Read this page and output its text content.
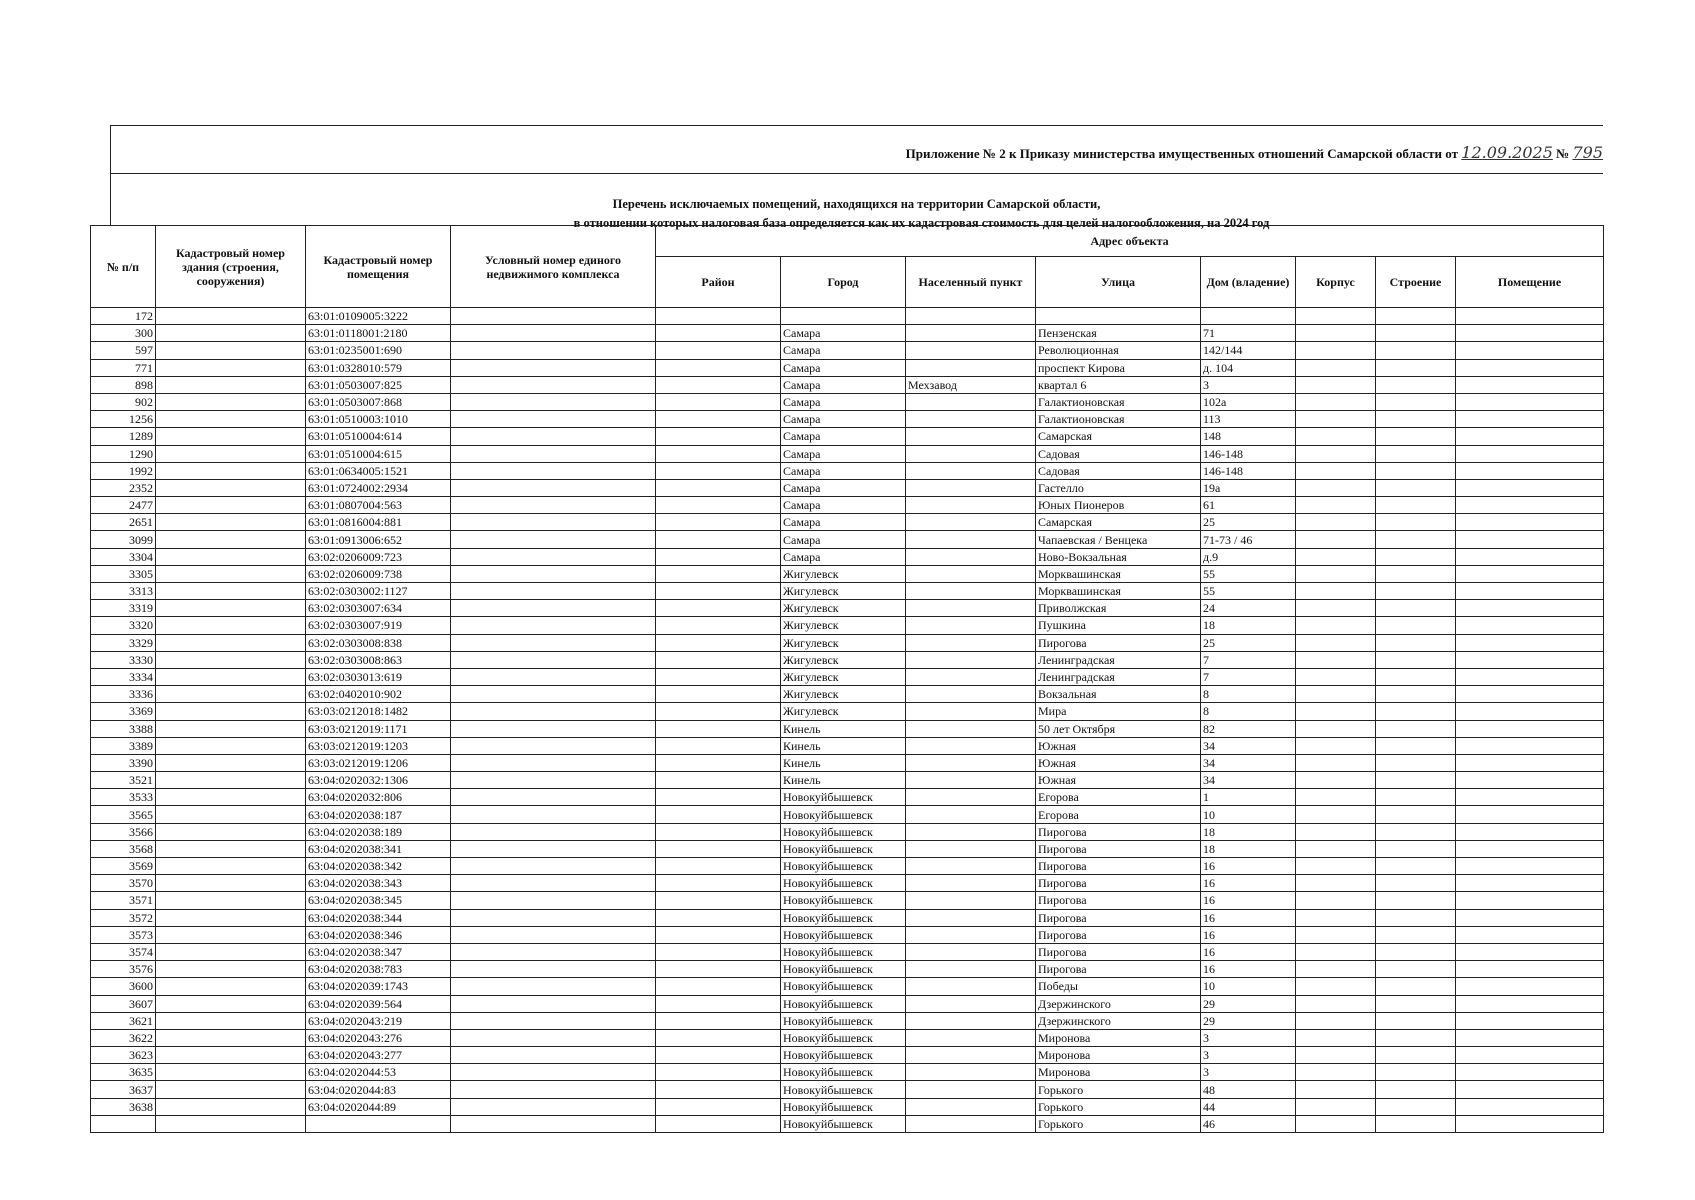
Приложение № 2 к Приказу министерства имущественных отношений Самарской области от 12.09.2025 № 795
Перечень исключаемых помещений, находящихся на территории Самарской области,
в отношении которых налоговая база определяется как их кадастровая стоимость для целей налогообложения, на 2024 год
№ п/п	Кадастровый номер здания (строения, сооружения)	Кадастровый номер помещения	Условный номер единого недвижимого комплекса	Адрес объекта							
				Район	Город	Населенный пункт	Улица	Дом (владение)	Корпус	Строение	Помещение
172		63:01:0109005:3222									
300		63:01:0118001:2180			Самара		Пензенская	71			
597		63:01:0235001:690			Самара		Революционная	142/144			
771		63:01:0328010:579			Самара		проспект Кирова	д. 104			
898		63:01:0503007:825			Самара	Мехзавод	квартал 6	3			
902		63:01:0503007:868			Самара		Галактионовская	102а			
1256		63:01:0510003:1010			Самара		Галактионовская	113			
1289		63:01:0510004:614			Самара		Самарская	148			
1290		63:01:0510004:615			Самара		Садовая	146-148			
1992		63:01:0634005:1521			Самара		Садовая	146-148			
2352		63:01:0724002:2934			Самара		Гастелло	19а			
2477		63:01:0807004:563			Самара		Юных Пионеров	61			
2651		63:01:0816004:881			Самара		Самарская	25			
3099		63:01:0913006:652			Самара		Чапаевская / Венцека	71-73 / 46			
3304		63:02:0206009:723			Самара		Ново-Вокзальная	д.9			
3305		63:02:0206009:738			Жигулевск		Морквашинская	55			
3313		63:02:0303002:1127			Жигулевск		Морквашинская	55			
3319		63:02:0303007:634			Жигулевск		Приволжская	24			
3320		63:02:0303007:919			Жигулевск		Пушкина	18			
3329		63:02:0303008:838			Жигулевск		Пирогова	25			
3330		63:02:0303008:863			Жигулевск		Ленинградская	7			
3334		63:02:0303013:619			Жигулевск		Ленинградская	7			
3336		63:02:0402010:902			Жигулевск		Вокзальная	8			
3369		63:03:0212018:1482			Жигулевск		Мира	8			
3388		63:03:0212019:1171			Кинель		50 лет Октября	82			
3389		63:03:0212019:1203			Кинель		Южная	34			
3390		63:03:0212019:1206			Кинель		Южная	34			
3521		63:04:0202032:1306			Кинель		Южная	34			
3533		63:04:0202032:806			Новокуйбышевск		Егорова	1			
3565		63:04:0202038:187			Новокуйбышевск		Егорова	10			
3566		63:04:0202038:189			Новокуйбышевск		Пирогова	18			
3568		63:04:0202038:341			Новокуйбышевск		Пирогова	18			
3569		63:04:0202038:342			Новокуйбышевск		Пирогова	16			
3570		63:04:0202038:343			Новокуйбышевск		Пирогова	16			
3571		63:04:0202038:345			Новокуйбышевск		Пирогова	16			
3572		63:04:0202038:344			Новокуйбышевск		Пирогова	16			
3573		63:04:0202038:346			Новокуйбышевск		Пирогова	16			
3574		63:04:0202038:347			Новокуйбышевск		Пирогова	16			
3576		63:04:0202038:783			Новокуйбышевск		Пирогова	16			
3600		63:04:0202039:1743			Новокуйбышевск		Победы	10			
3607		63:04:0202039:564			Новокуйбышевск		Дзержинского	29			
3621		63:04:0202043:219			Новокуйбышевск		Дзержинского	29			
3622		63:04:0202043:276			Новокуйбышевск		Миронова	3			
3623		63:04:0202043:277			Новокуйбышевск		Миронова	3			
3635		63:04:0202044:53			Новокуйбышевск		Миронова	3			
3637		63:04:0202044:83			Новокуйбышевск		Горького	48			
3638		63:04:0202044:89			Новокуйбышевск		Горького	44			
					Новокуйбышевск		Горького	46			
